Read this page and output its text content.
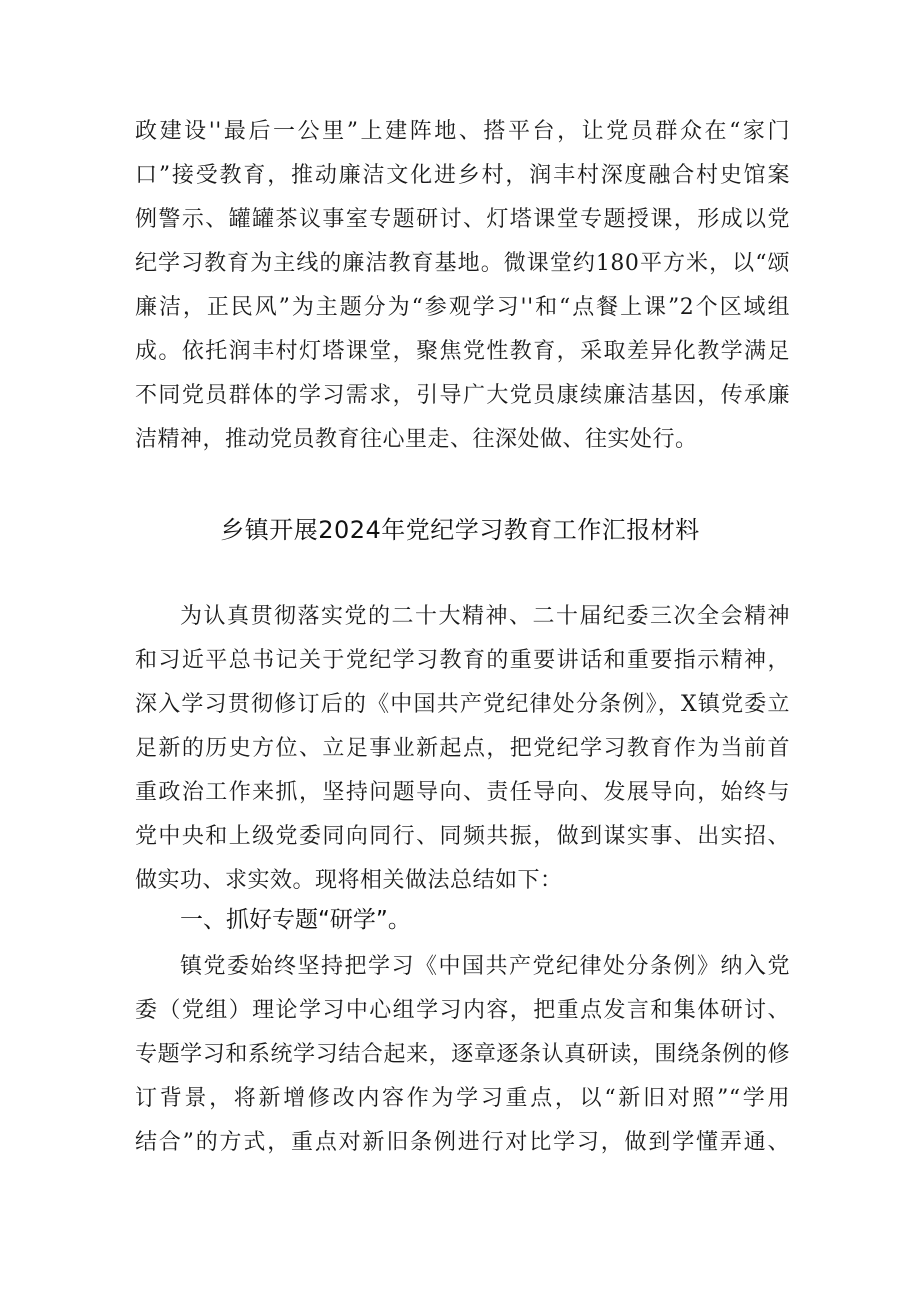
政建设''最后一公里”上建阵地、搭平台，让党员群众在“家门
口”接受教育，推动廉洁文化进乡村，润丰村深度融合村史馆案
例警示、罐罐茶议事室专题研讨、灯塔课堂专题授课，形成以党
纪学习教育为主线的廉洁教育基地。微课堂约180平方米，以“颂
廉洁，正民风”为主题分为“参观学习''和“点餐上课”2个区域组
成。依托润丰村灯塔课堂，聚焦党性教育，采取差异化教学满足
不同党员群体的学习需求，引导广大党员康续廉洁基因，传承廉
洁精神，推动党员教育往心里走、往深处做、往实处行。
乡镇开展2024年党纪学习教育工作汇报材料
为认真贯彻落实党的二十大精神、二十届纪委三次全会精神
和习近平总书记关于党纪学习教育的重要讲话和重要指示精神，
深入学习贯彻修订后的《中国共产党纪律处分条例》，X镇党委立
足新的历史方位、立足事业新起点，把党纪学习教育作为当前首
重政治工作来抓，坚持问题导向、责任导向、发展导向，始终与
党中央和上级党委同向同行、同频共振，做到谋实事、出实招、
做实功、求实效。现将相关做法总结如下：
一、抓好专题“研学”。
镇党委始终坚持把学习《中国共产党纪律处分条例》纳入党
委（党组）理论学习中心组学习内容，把重点发言和集体研讨、
专题学习和系统学习结合起来，逐章逐条认真研读，围绕条例的修
订背景，将新增修改内容作为学习重点，以“新旧对照”“学用
结合”的方式，重点对新旧条例进行对比学习，做到学懂弄通、
